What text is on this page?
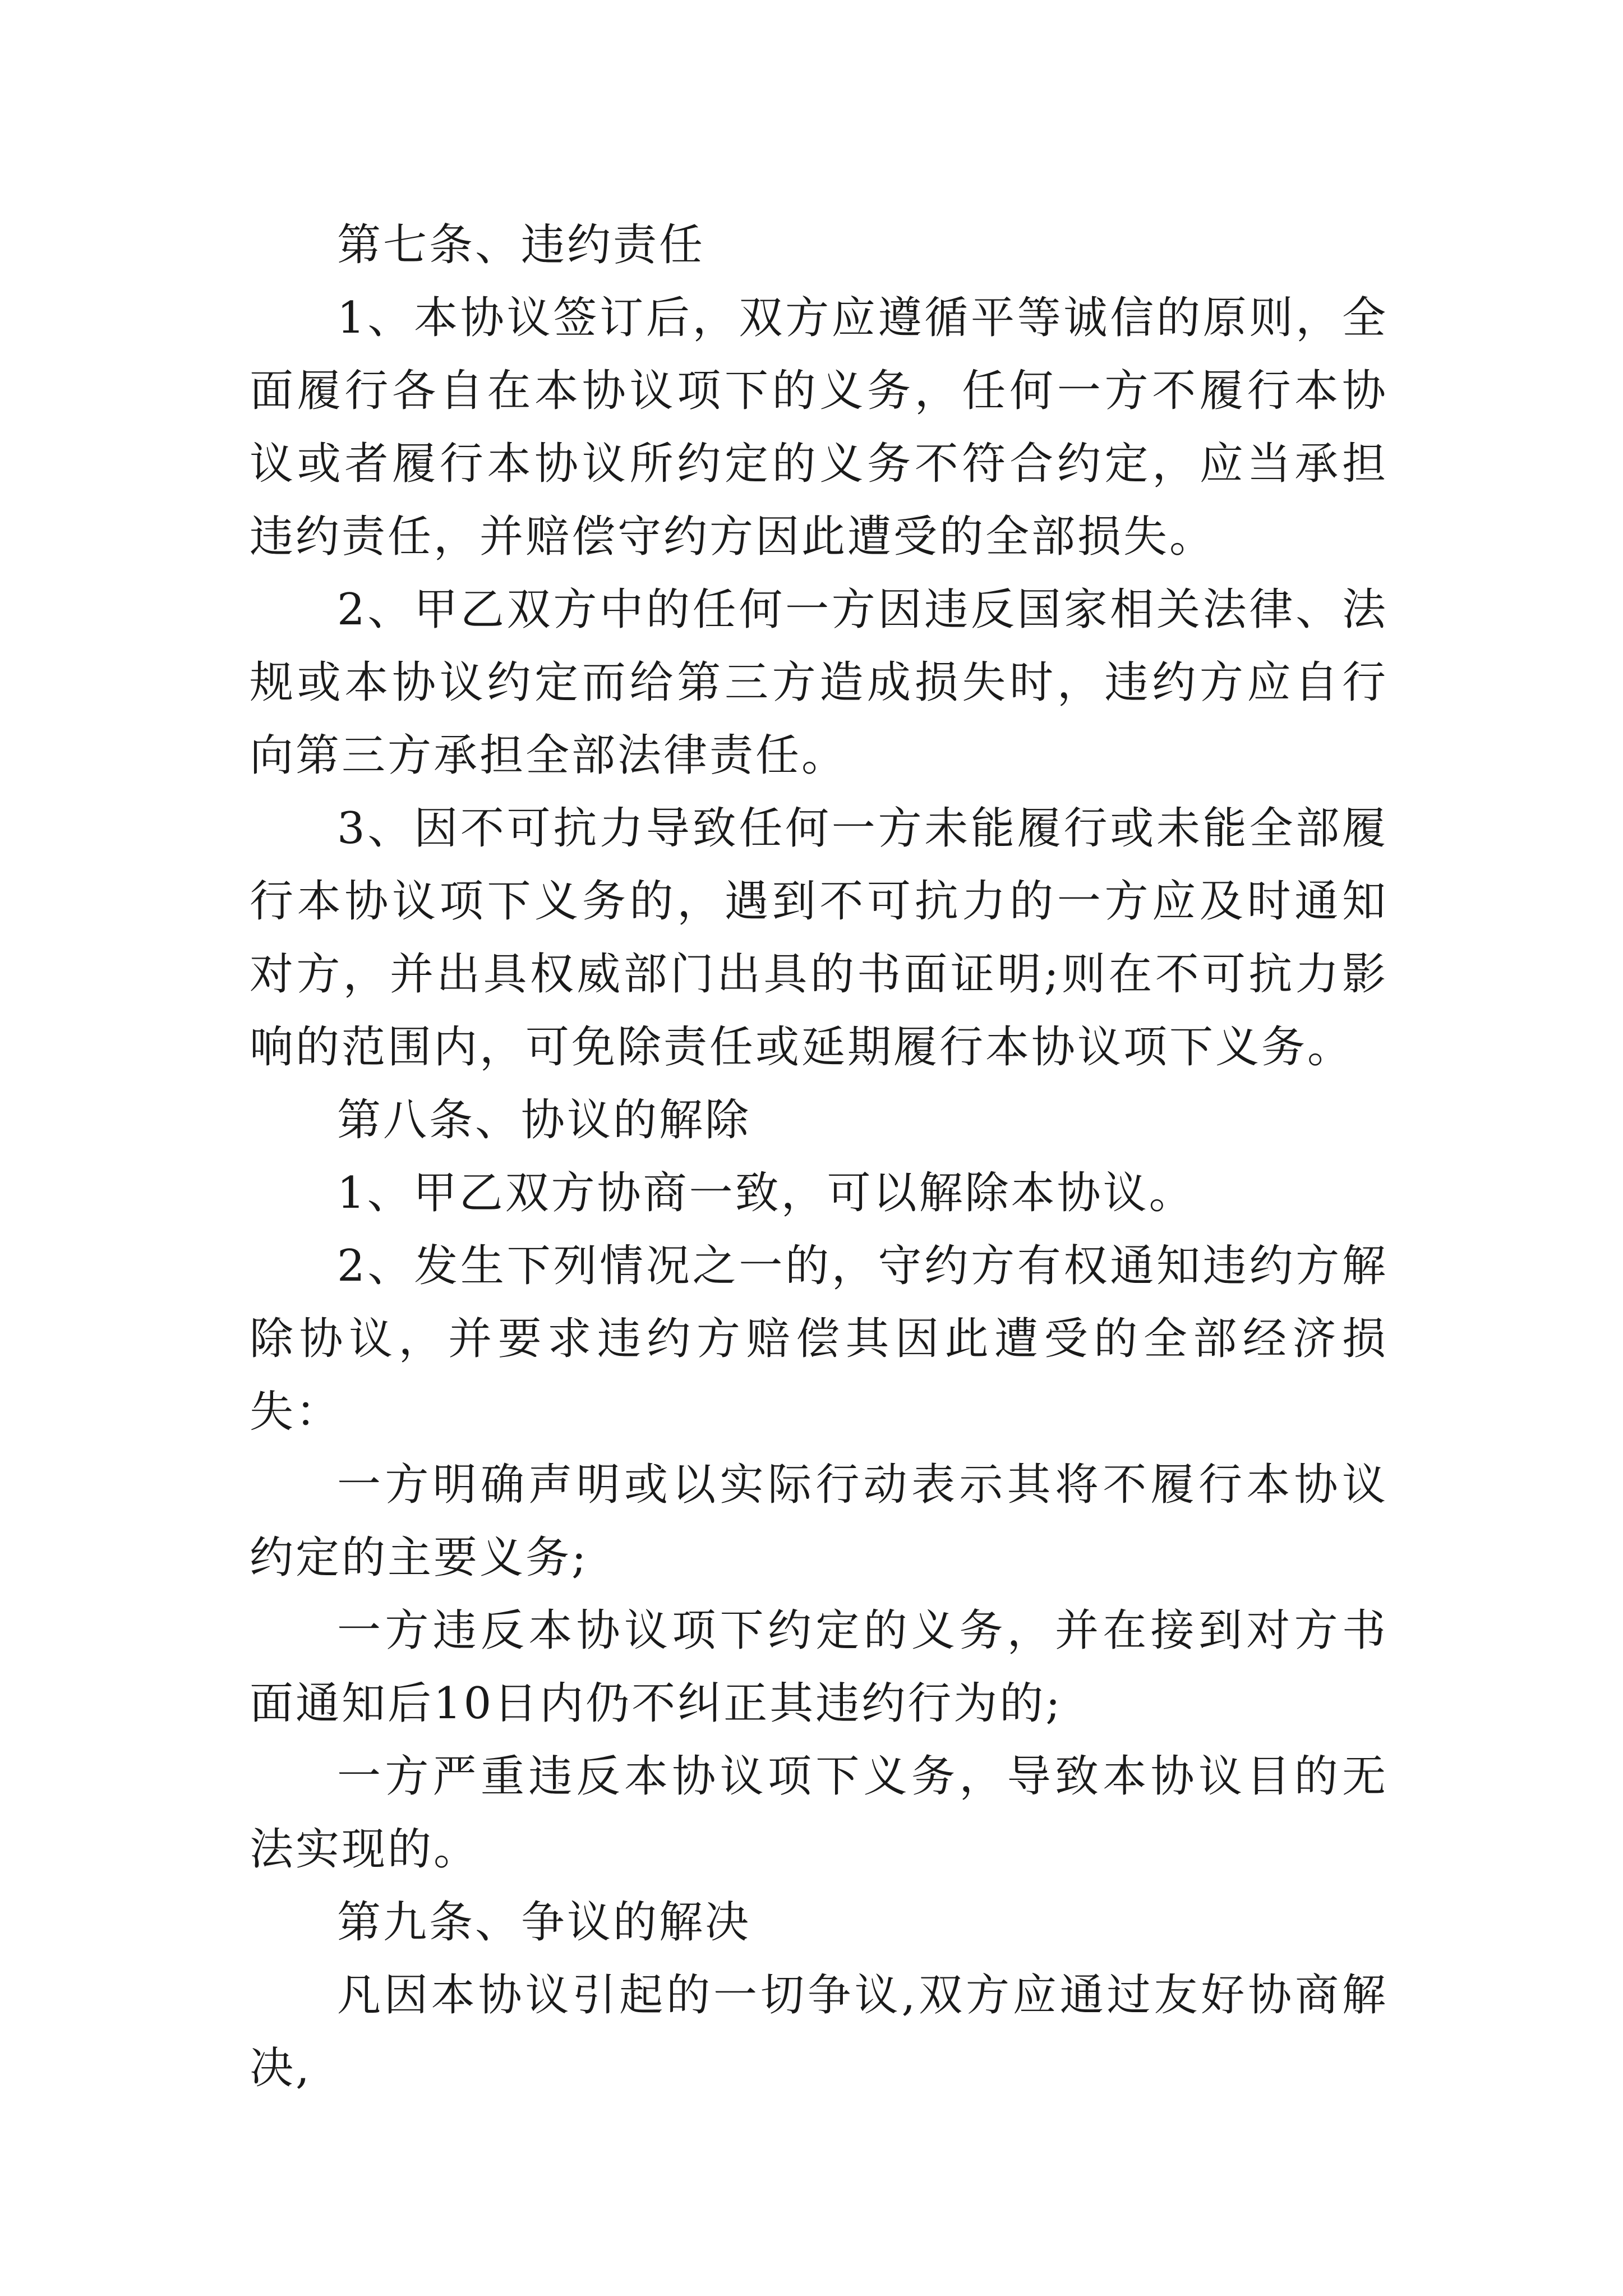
第七条、违约责任

1、本协议签订后，双方应遵循平等诚信的原则，全面履行各自在本协议项下的义务，任何一方不履行本协议或者履行本协议所约定的义务不符合约定，应当承担违约责任，并赔偿守约方因此遭受的全部损失。

2、甲乙双方中的任何一方因违反国家相关法律、法规或本协议约定而给第三方造成损失时，违约方应自行向第三方承担全部法律责任。

3、因不可抗力导致任何一方未能履行或未能全部履行本协议项下义务的，遇到不可抗力的一方应及时通知对方，并出具权威部门出具的书面证明;则在不可抗力影响的范围内，可免除责任或延期履行本协议项下义务。

第八条、协议的解除

1、甲乙双方协商一致，可以解除本协议。

2、发生下列情况之一的，守约方有权通知违约方解除协议，并要求违约方赔偿其因此遭受的全部经济损失：

一方明确声明或以实际行动表示其将不履行本协议约定的主要义务;

一方违反本协议项下约定的义务，并在接到对方书面通知后10日内仍不纠正其违约行为的;

一方严重违反本协议项下义务，导致本协议目的无法实现的。

第九条、争议的解决

凡因本协议引起的一切争议,双方应通过友好协商解决,
